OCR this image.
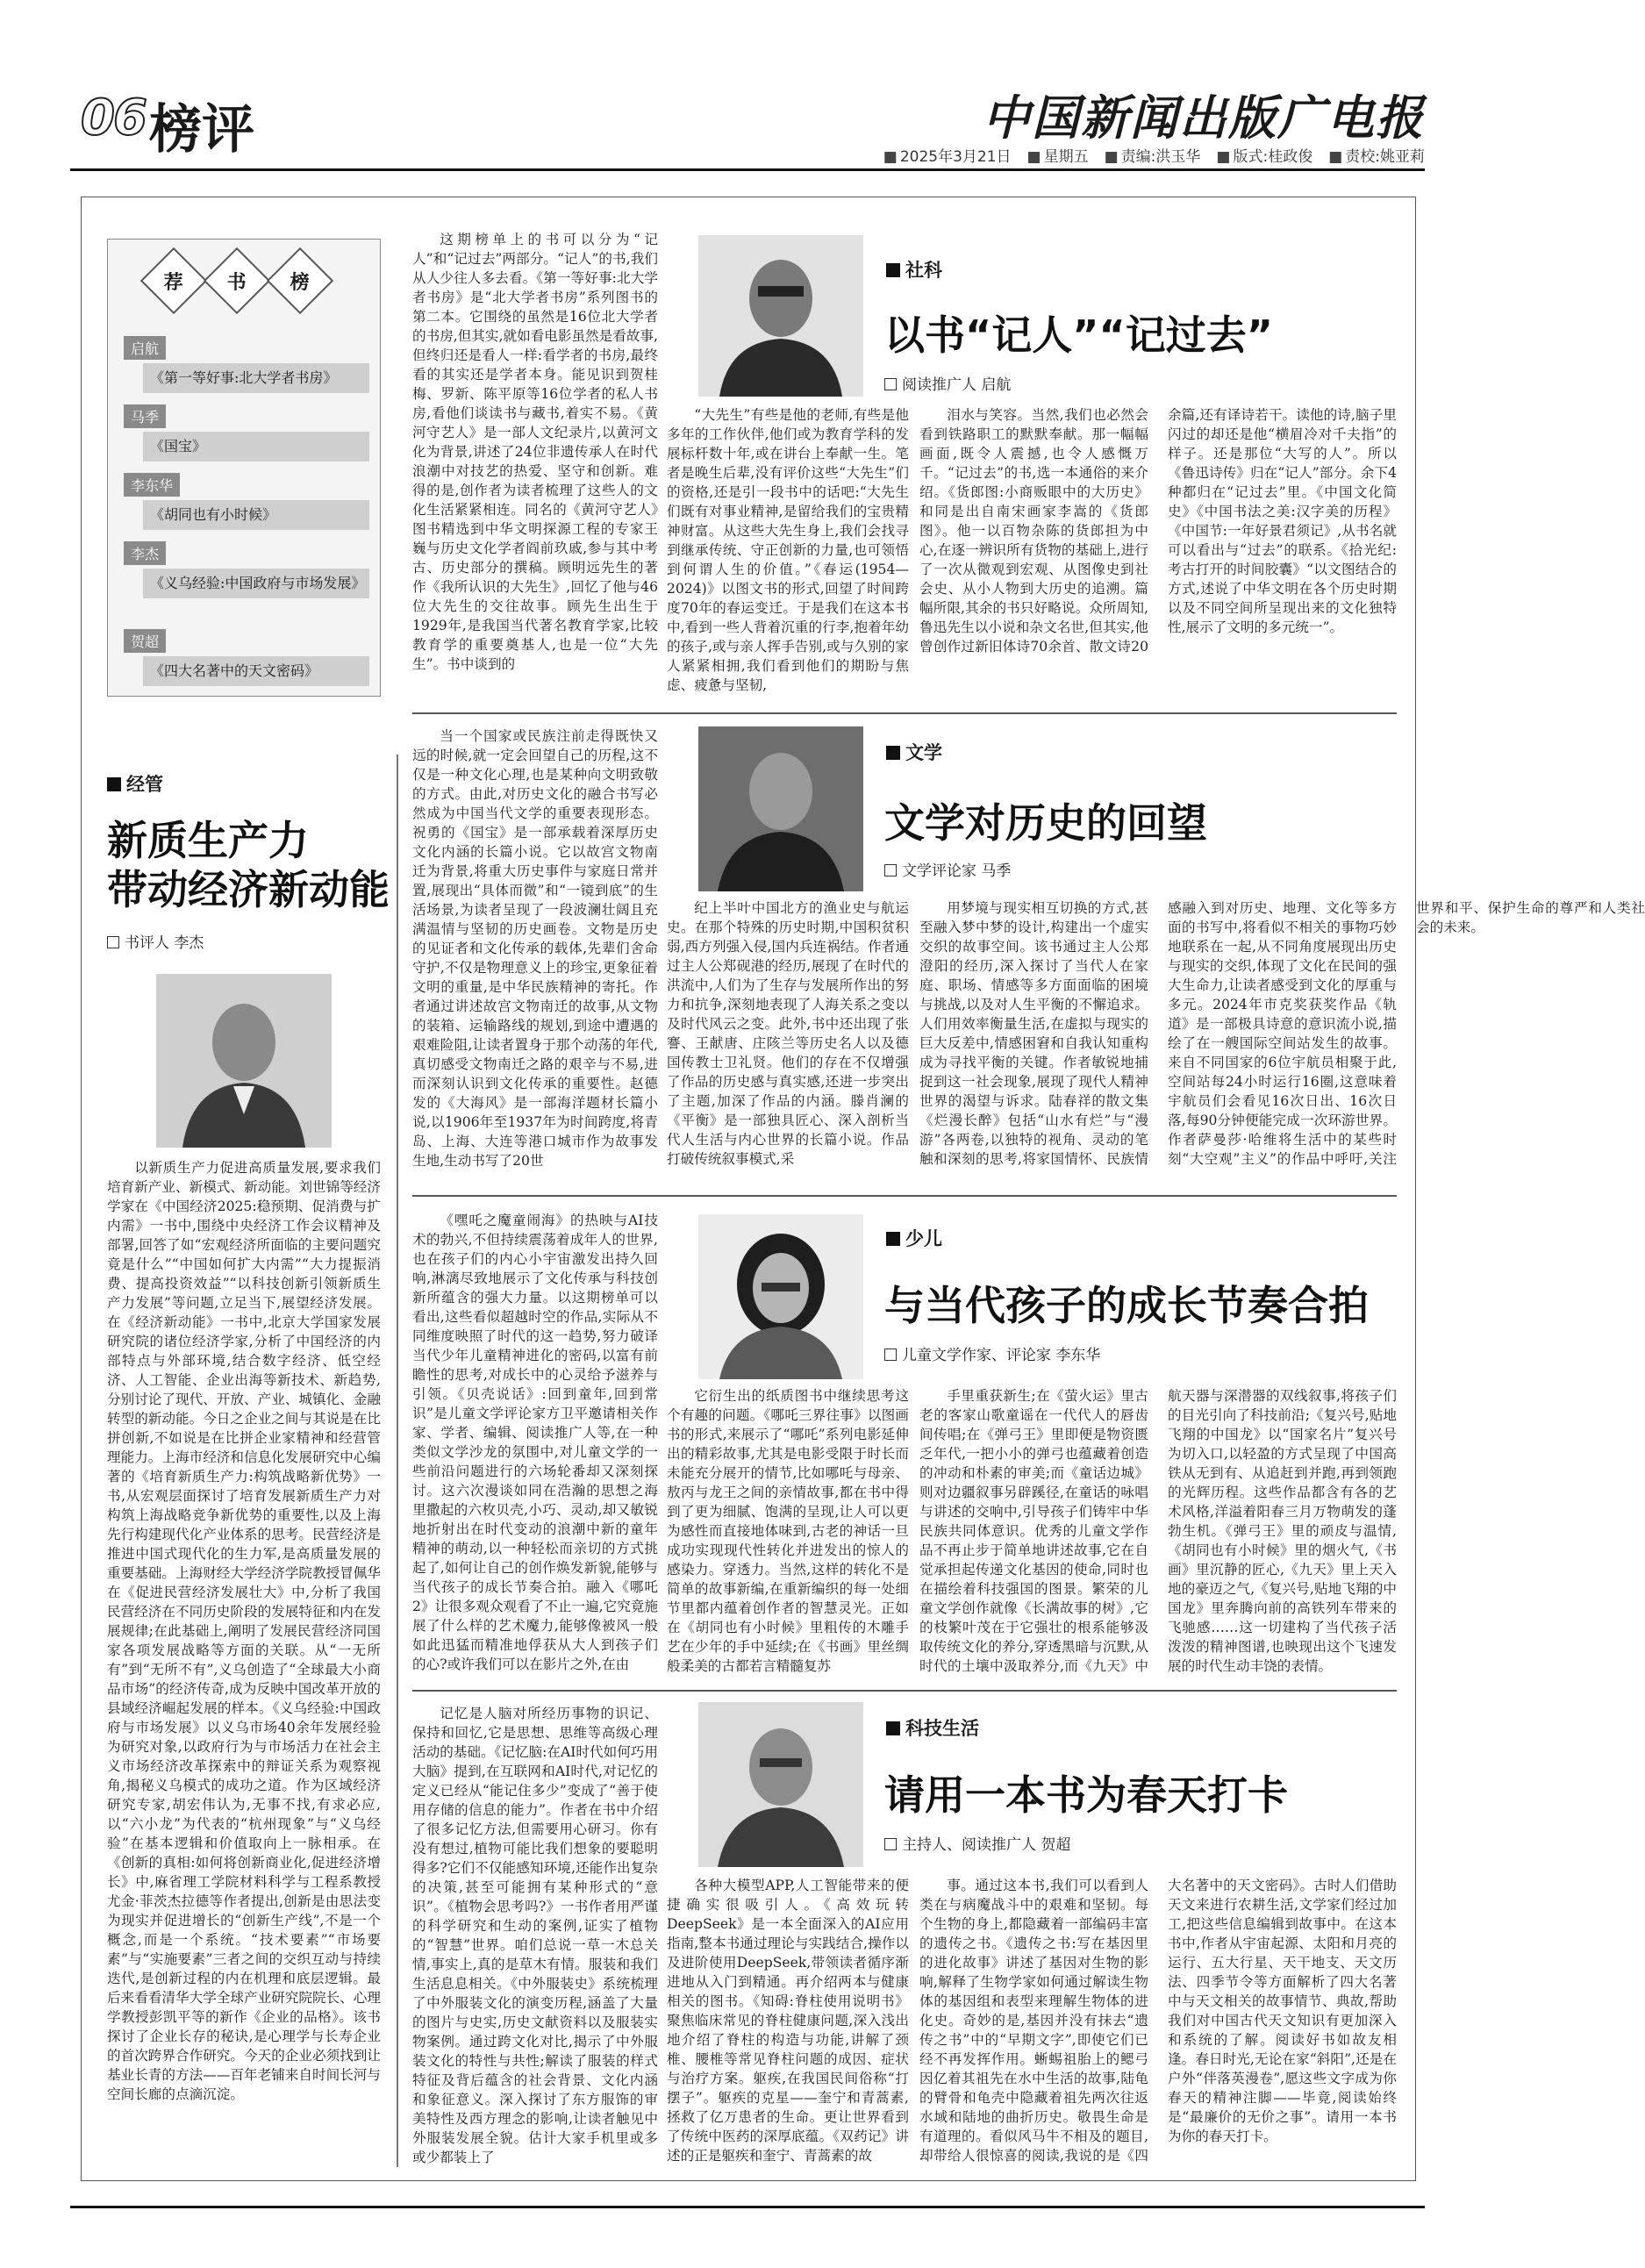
06 榜评	中国新闻出版广电报
■ 2025年3月21日	■ 星期五	■ 责编:洪玉华	■ 版式:桂政俊	■ 责校:姚亚莉
荐 书 榜
启航
《第一等好事:北大学者书房》
马季
《国宝》
李东华
《胡同也有小时候》
李杰
《义乌经验:中国政府与市场发展》
贺超
《四大名著中的天文密码》
经管
新质生产力
带动经济新动能
书评人 李杰

以新质生产力促进高质量发展,要求我们培育新产业、新模式、新动能。刘世锦等经济学家在《中国经济2025:稳预期、促消费与扩内需》一书中,围绕中央经济工作会议精神及部署,回答了如“宏观经济所面临的主要问题究竟是什么”“中国如何扩大内需”“大力提振消费、提高投资效益”“以科技创新引领新质生产力发展”等问题,立足当下,展望经济发展。在《经济新动能》一书中,北京大学国家发展研究院的诸位经济学家,分析了中国经济的内部特点与外部环境,结合数字经济、低空经济、人工智能、企业出海等新技术、新趋势,分别讨论了现代、开放、产业、城镇化、金融转型的新动能。今日之企业之间与其说是在比拼创新,不如说是在比拼企业家精神和经营管理能力。上海市经济和信息化发展研究中心编著的《培育新质生产力:构筑战略新优势》一书,从宏观层面探讨了培育发展新质生产力对构筑上海战略竞争新优势的重要性,以及上海先行构建现代化产业体系的思考。民营经济是推进中国式现代化的生力军,是高质量发展的重要基础。上海财经大学经济学院教授冒佩华在《促进民营经济发展壮大》中,分析了我国民营经济在不同历史阶段的发展特征和内在发展规律;在此基础上,阐明了发展民营经济同国家各项发展战略等方面的关联。从“一无所有”到“无所不有”,义乌创造了“全球最大小商品市场”的经济传奇,成为反映中国改革开放的县域经济崛起发展的样本。《义乌经验:中国政府与市场发展》以义乌市场40余年发展经验为研究对象,以政府行为与市场活力在社会主义市场经济改革探索中的辩证关系为观察视角,揭秘义乌模式的成功之道。作为区域经济研究专家,胡宏伟认为,无事不找,有求必应,以“六小龙”为代表的“杭州现象”与“义乌经验”在基本逻辑和价值取向上一脉相承。在《创新的真相:如何将创新商业化,促进经济增长》中,麻省理工学院材料科学与工程系教授尤金·菲茨杰拉德等作者提出,创新是由思法变为现实并促进增长的“创新生产线”,不是一个概念,而是一个系统。“技术要素”“市场要素”与“实施要素”三者之间的交织互动与持续迭代,是创新过程的内在机理和底层逻辑。最后来看看清华大学全球产业研究院院长、心理学教授彭凯平等的新作《企业的品格》。该书探讨了企业长存的秘诀,是心理学与长寿企业的首次跨界合作研究。今天的企业必须找到让基业长青的方法——百年老铺来自时间长河与空间长廊的点滴沉淀。

这期榜单上的书可以分为“记人”和“记过去”两部分。“记人”的书,我们从人少往人多去看。《第一等好事:北大学者书房》是“北大学者书房”系列图书的第二本。它围绕的虽然是16位北大学者的书房,但其实,就如看电影虽然是看故事,但终归还是看人一样:看学者的书房,最终看的其实还是学者本身。能见识到贺桂梅、罗新、陈平原等16位学者的私人书房,看他们谈读书与藏书,着实不易。《黄河守艺人》是一部人文纪录片,以黄河文化为背景,讲述了24位非遗传承人在时代浪潮中对技艺的热爱、坚守和创新。难得的是,创作者为读者梳理了这些人的文化生活紧紧相连。同名的《黄河守艺人》图书精选到中华文明探源工程的专家王巍与历史文化学者阎前玖戚,参与其中考古、历史部分的撰稿。顾明远先生的著作《我所认识的大先生》,回忆了他与46位大先生的交往故事。顾先生出生于1929年,是我国当代著名教育学家,比较教育学的重要奠基人,也是一位“大先生”。书中谈到的

社科
以书“记人”“记过去”
阅读推广人 启航

“大先生”有些是他的老师,有些是他多年的工作伙伴,他们或为教育学科的发展标杆数十年,或在讲台上奉献一生。笔者是晚生后辈,没有评价这些“大先生”们的资格,还是引一段书中的话吧:“大先生们既有对事业精神,是留给我们的宝贵精神财富。从这些大先生身上,我们会找寻到继承传统、守正创新的力量,也可领悟到何谓人生的价值。”《春运(1954—2024)》以图文书的形式,回望了时间跨度70年的春运变迁。于是我们在这本书中,看到一些人背着沉重的行李,抱着年幼的孩子,或与亲人挥手告别,或与久别的家人紧紧相拥,我们看到他们的期盼与焦虑、疲惫与坚韧,

泪水与笑容。当然,我们也必然会看到铁路职工的默默奉献。那一幅幅画面,既令人震撼,也令人感慨万千。“记过去”的书,选一本通俗的来介绍。《货郎图:小商贩眼中的大历史》和同是出自南宋画家李嵩的《货郎图》。他一以百物杂陈的货郎担为中心,在逐一辨识所有货物的基础上,进行了一次从微观到宏观、从图像史到社会史、从小人物到大历史的追溯。篇幅所限,其余的书只好略说。众所周知,鲁迅先生以小说和杂文名世,但其实,他曾创作过新旧体诗70余首、散文诗20余篇,还有译诗若干。读他的诗,脑子里闪过的却还是他“横眉冷对千夫指”的样子。还是那位“大写的人”。所以《鲁迅诗传》归在“记人”部分。余下4种都归在“记过去”里。《中国文化简史》《中国书法之美:汉字美的历程》《中国节:一年好景君须记》,从书名就可以看出与“过去”的联系。《拾光纪:考古打开的时间胶囊》“以文图结合的方式,述说了中华文明在各个历史时期以及不同空间所呈现出来的文化独特性,展示了文明的多元统一”。

当一个国家或民族注前走得既快又远的时候,就一定会回望自己的历程,这不仅是一种文化心理,也是某种向文明致敬的方式。由此,对历史文化的融合书写必然成为中国当代文学的重要表现形态。祝勇的《国宝》是一部承载着深厚历史文化内涵的长篇小说。它以故宫文物南迁为背景,将重大历史事件与家庭日常并置,展现出“具体而微”和“一镜到底”的生活场景,为读者呈现了一段波澜壮阔且充满温情与坚韧的历史画卷。文物是历史的见证者和文化传承的载体,先辈们舍命守护,不仅是物理意义上的珍宝,更象征着文明的重量,是中华民族精神的寄托。作者通过讲述故宫文物南迁的故事,从文物的装箱、运输路线的规划,到途中遭遇的艰难险阻,让读者置身于那个动荡的年代,真切感受文物南迁之路的艰辛与不易,进而深刻认识到文化传承的重要性。赵德发的《大海风》是一部海洋题材长篇小说,以1906年至1937年为时间跨度,将青岛、上海、大连等港口城市作为故事发生地,生动书写了20世

文学
文学对历史的回望
文学评论家 马季

纪上半叶中国北方的渔业史与航运史。在那个特殊的历史时期,中国积贫积弱,西方列强入侵,国内兵连祸结。作者通过主人公郑砚港的经历,展现了在时代的洪流中,人们为了生存与发展所作出的努力和抗争,深刻地表现了人海关系之变以及时代风云之变。此外,书中还出现了张謇、王献唐、庄陔兰等历史名人以及德国传教士卫礼贤。他们的存在不仅增强了作品的历史感与真实感,还进一步突出了主题,加深了作品的内涵。滕肖澜的《平衡》是一部独具匠心、深入剖析当代人生活与内心世界的长篇小说。作品打破传统叙事模式,采

用梦境与现实相互切换的方式,甚至融入梦中梦的设计,构建出一个虚实交织的故事空间。该书通过主人公郑澄阳的经历,深入探讨了当代人在家庭、职场、情感等多方面面临的困境与挑战,以及对人生平衡的不懈追求。人们用效率衡量生活,在虚拟与现实的巨大反差中,情感困窘和自我认知重构成为寻找平衡的关键。作者敏锐地捕捉到这一社会现象,展现了现代人精神世界的渴望与诉求。陆春祥的散文集《烂漫长醉》包括“山水有烂”与“漫游”各两卷,以独特的视角、灵动的笔触和深刻的思考,将家国情怀、民族情感融入到对历史、地理、文化等多方面的书写中,将看似不相关的事物巧妙地联系在一起,从不同角度展现出历史与现实的交织,体现了文化在民间的强大生命力,让读者感受到文化的厚重与多元。2024年市克奖获奖作品《轨道》是一部极具诗意的意识流小说,描绘了在一艘国际空间站发生的故事。来自不同国家的6位宇航员相聚于此,空间站每24小时运行16圈,这意味着宇航员们会看见16次日出、16次日落,每90分钟便能完成一次环游世界。作者萨曼莎·哈维将生活中的某些时刻“大空观”主义”的作品中呼吁,关注世界和平、保护生命的尊严和人类社会的未来。

《嘿吒之魔童闹海》的热映与AI技术的勃兴,不但持续震荡着成年人的世界,也在孩子们的内心小宇宙激发出持久回响,淋漓尽致地展示了文化传承与科技创新所蕴含的强大力量。以这期榜单可以看出,这些看似超越时空的作品,实际从不同维度映照了时代的这一趋势,努力破译当代少年儿童精神进化的密码,以富有前瞻性的思考,对成长中的心灵给予滋养与引领。《贝壳说话》:回到童年,回到常识”是儿童文学评论家方卫平邀请相关作家、学者、编辑、阅读推广人等,在一种类似文学沙龙的氛围中,对儿童文学的一些前沿问题进行的六场轮番却又深刻探讨。这六次漫谈如同在浩瀚的思想之海里撒起的六枚贝壳,小巧、灵动,却又敏锐地折射出在时代变动的浪潮中新的童年精神的萌动,以一种轻松而亲切的方式挑起了,如何让自己的创作焕发新貌,能够与当代孩子的成长节奏合拍。融入《哪吒2》让很多观众观看了不止一遍,它究竟施展了什么样的艺术魔力,能够像被风一般如此迅猛而精准地俘获从大人到孩子们的心?或许我们可以在影片之外,在由

少儿
与当代孩子的成长节奏合拍
儿童文学作家、评论家 李东华

它衍生出的纸质图书中继续思考这个有趣的问题。《哪吒三界往事》以图画书的形式,来展示了“哪吒”系列电影延伸出的精彩故事,尤其是电影受限于时长而未能充分展开的情节,比如哪吒与母亲、敖丙与龙王之间的亲情故事,都在书中得到了更为细腻、饱满的呈现,让人可以更为感性而直接地体味到,古老的神话一旦成功实现现代性转化并进发出的惊人的感染力。穿透力。当然,这样的转化不是简单的故事新编,在重新编织的每一处细节里都内蕴着创作者的智慧灵光。正如在《胡同也有小时候》里粗传的木雕手艺在少年的手中延续;在《书画》里丝绸般柔美的古都若言精髓复苏

手里重获新生;在《萤火运》里古老的客家山歌童谣在一代代人的唇齿间传唱;在《弹弓王》里即便是物资匮乏年代,一把小小的弹弓也蕴藏着创造的冲动和朴素的审美;而《童话边城》则对边疆叙事另辟蹊径,在童话的咏唱与讲述的交响中,引导孩子们铸牢中华民族共同体意识。优秀的儿童文学作品不再止步于简单地讲述故事,它在自觉承担起传递文化基因的使命,同时也在描绘着科技强国的图景。繁荣的儿童文学创作就像《长满故事的树》,它的枝繁叶茂在于它强壮的根系能够汲取传统文化的养分,穿透黑暗与沉默,从时代的土壤中汲取养分,而《九天》中航天器与深潜器的双线叙事,将孩子们的目光引向了科技前沿;《复兴号,贴地飞翔的中国龙》以“国家名片”复兴号为切入口,以轻盈的方式呈现了中国高铁从无到有、从追赶到并跑,再到领跑的光辉历程。这些作品都含有各的艺术风格,洋溢着阳春三月万物萌发的蓬勃生机。《弹弓王》里的顽皮与温情,《胡同也有小时候》里的烟火气,《书画》里沉静的匠心,《九天》里上天入地的豪迈之气,《复兴号,贴地飞翔的中国龙》里奔腾向前的高铁列车带来的飞驰感……这一切建构了当代孩子活泼泼的精神图谱,也映现出这个飞速发展的时代生动丰饶的表情。

记忆是人脑对所经历事物的识记、保持和回忆,它是思想、思维等高级心理活动的基础。《记忆脑:在AI时代如何巧用大脑》提到,在互联网和AI时代,对记忆的定义已经从“能记住多少”变成了“善于使用存储的信息的能力”。作者在书中介绍了很多记忆方法,但需要用心研习。你有没有想过,植物可能比我们想象的要聪明得多?它们不仅能感知环境,还能作出复杂的决策,甚至可能拥有某种形式的“意识”。《植物会思考吗?》一书作者用严谨的科学研究和生动的案例,证实了植物的“智慧”世界。咱们总说一草一木总关情,事实上,真的是草木有情。服装和我们生活息息相关。《中外服装史》系统梳理了中外服装文化的演变历程,涵盖了大量的图片与史实,历史文献资料以及服装实物案例。通过跨文化对比,揭示了中外服装文化的特性与共性;解读了服装的样式特征及背后蕴含的社会背景、文化内涵和象征意义。深入探讨了东方服饰的审美特性及西方理念的影响,让读者触见中外服装发展全貌。估计大家手机里或多或少都装上了

科技生活
请用一本书为春天打卡
主持人、阅读推广人 贺超

各种大模型APP,人工智能带来的便捷确实很吸引人。《高效玩转DeepSeek》是一本全面深入的AI应用指南,整本书通过理论与实践结合,操作以及进阶使用DeepSeek,带领读者循序渐进地从入门到精通。再介绍两本与健康相关的图书。《知碍:脊柱使用说明书》聚焦临床常见的脊柱健康问题,深入浅出地介绍了脊柱的构造与功能,讲解了颈椎、腰椎等常见脊柱问题的成因、症状与治疗方案。躯疾,在我国民间俗称“打摆子”。躯疾的克星——奎宁和青蒿素,拯救了亿万患者的生命。更让世界看到了传统中医药的深厚底蕴。《双药记》讲述的正是躯疾和奎宁、青蒿素的故

事。通过这本书,我们可以看到人类在与病魔战斗中的艰难和坚韧。每个生物的身上,都隐藏着一部编码丰富的遗传之书。《遗传之书:写在基因里的进化故事》讲述了基因对生物的影响,解释了生物学家如何通过解读生物体的基因组和表型来理解生物体的进化史。奇妙的是,基因并没有抹去“遗传之书”中的“早期文字”,即使它们已经不再发挥作用。蜥蜴祖胎上的鳃弓因亿着其祖先在水中生活的故事,陆龟的臂骨和龟壳中隐藏着祖先两次往返水域和陆地的曲折历史。敬畏生命是有道理的。看似风马牛不相及的题目,却带给人很惊喜的阅读,我说的是《四大名著中的天文密码》。古时人们借助天文来进行农耕生活,文学家们经过加工,把这些信息编辑到故事中。在这本书中,作者从宇宙起源、太阳和月亮的运行、五大行星、天干地支、天文历法、四季节令等方面解析了四大名著中与天文相关的故事情节、典故,帮助我们对中国古代天文知识有更加深入和系统的了解。阅读好书如故友相逢。春日时光,无论在家“斜阳”,还是在户外“伴落英漫卷”,愿这些文字成为你春天的精神注脚——毕竟,阅读始终是“最廉价的无价之事”。请用一本书为你的春天打卡。
